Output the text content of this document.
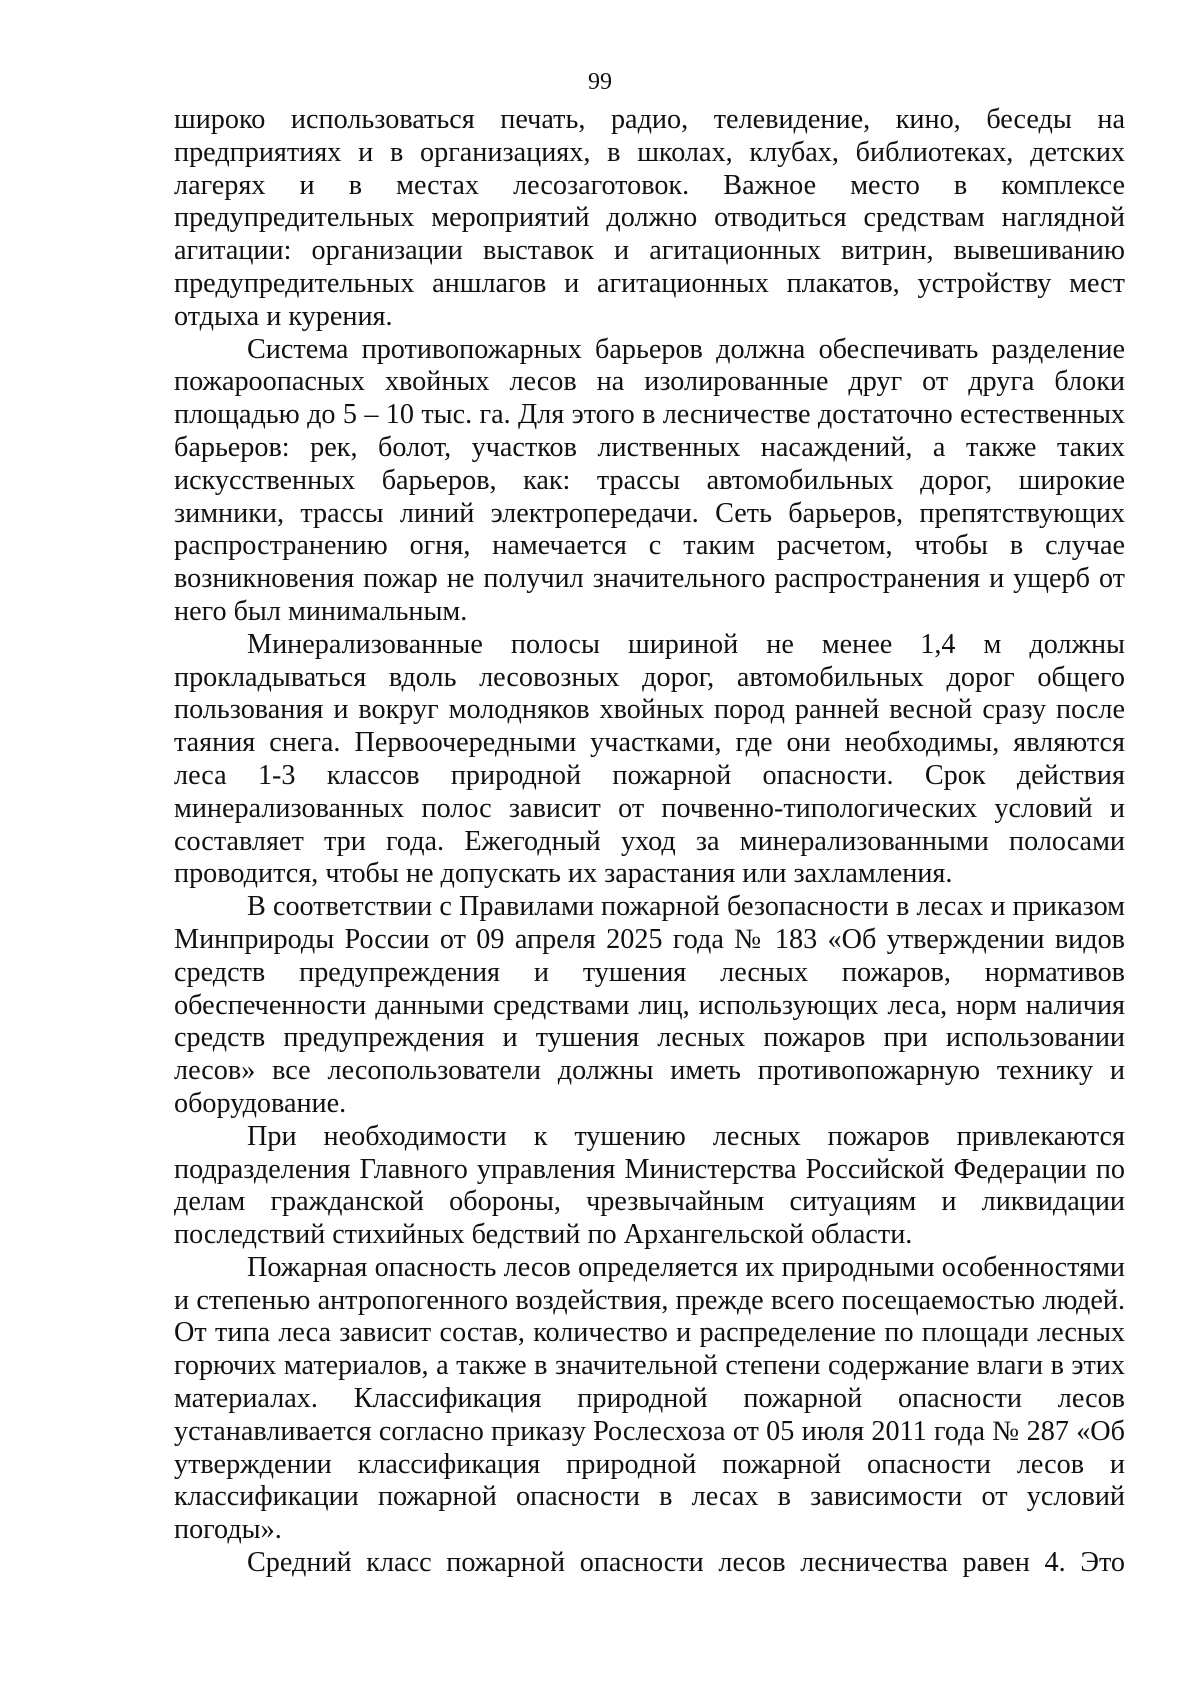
99

широко использоваться печать, радио, телевидение, кино, беседы на предприятиях и в организациях, в школах, клубах, библиотеках, детских лагерях и в местах лесозаготовок. Важное место в комплексе предупредительных мероприятий должно отводиться средствам наглядной агитации: организации выставок и агитационных витрин, вывешиванию предупредительных аншлагов и агитационных плакатов, устройству мест отдыха и курения.

Система противопожарных барьеров должна обеспечивать разделение пожароопасных хвойных лесов на изолированные друг от друга блоки площадью до 5 – 10 тыс. га. Для этого в лесничестве достаточно естественных барьеров: рек, болот, участков лиственных насаждений, а также таких искусственных барьеров, как: трассы автомобильных дорог, широкие зимники, трассы линий электропередачи. Сеть барьеров, препятствующих распространению огня, намечается с таким расчетом, чтобы в случае возникновения пожар не получил значительного распространения и ущерб от него был минимальным.

Минерализованные полосы шириной не менее 1,4 м должны прокладываться вдоль лесовозных дорог, автомобильных дорог общего пользования и вокруг молодняков хвойных пород ранней весной сразу после таяния снега. Первоочередными участками, где они необходимы, являются леса 1-3 классов природной пожарной опасности. Срок действия минерализованных полос зависит от почвенно-типологических условий и составляет три года. Ежегодный уход за минерализованными полосами проводится, чтобы не допускать их зарастания или захламления.

В соответствии с Правилами пожарной безопасности в лесах и приказом Минприроды России от 09 апреля 2025 года № 183 «Об утверждении видов средств предупреждения и тушения лесных пожаров, нормативов обеспеченности данными средствами лиц, использующих леса, норм наличия средств предупреждения и тушения лесных пожаров при использовании лесов» все лесопользователи должны иметь противопожарную технику и оборудование.

При необходимости к тушению лесных пожаров привлекаются подразделения Главного управления Министерства Российской Федерации по делам гражданской обороны, чрезвычайным ситуациям и ликвидации последствий стихийных бедствий по Архангельской области.

Пожарная опасность лесов определяется их природными особенностями и степенью антропогенного воздействия, прежде всего посещаемостью людей. От типа леса зависит состав, количество и распределение по площади лесных горючих материалов, а также в значительной степени содержание влаги в этих материалах. Классификация природной пожарной опасности лесов устанавливается согласно приказу Рослесхоза от 05 июля 2011 года № 287 «Об утверждении классификация природной пожарной опасности лесов и классификации пожарной опасности в лесах в зависимости от условий погоды».

Средний класс пожарной опасности лесов лесничества равен 4. Это
